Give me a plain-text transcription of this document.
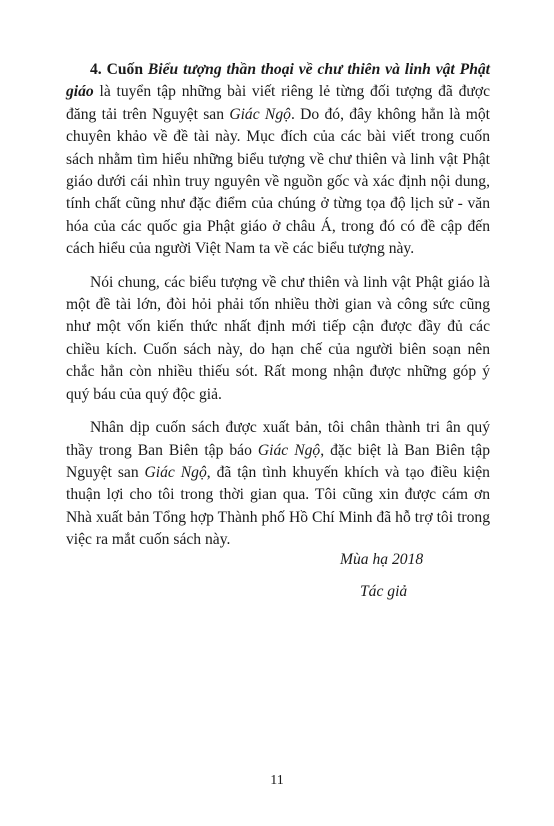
4. Cuốn Biểu tượng thần thoại về chư thiên và linh vật Phật giáo là tuyển tập những bài viết riêng lẻ từng đối tượng đã được đăng tải trên Nguyệt san Giác Ngộ. Do đó, đây không hẳn là một chuyên khảo về đề tài này. Mục đích của các bài viết trong cuốn sách nhằm tìm hiểu những biểu tượng về chư thiên và linh vật Phật giáo dưới cái nhìn truy nguyên về nguồn gốc và xác định nội dung, tính chất cũng như đặc điểm của chúng ở từng tọa độ lịch sử - văn hóa của các quốc gia Phật giáo ở châu Á, trong đó có đề cập đến cách hiểu của người Việt Nam ta về các biểu tượng này.

Nói chung, các biểu tượng về chư thiên và linh vật Phật giáo là một đề tài lớn, đòi hỏi phải tốn nhiều thời gian và công sức cũng như một vốn kiến thức nhất định mới tiếp cận được đầy đủ các chiều kích. Cuốn sách này, do hạn chế của người biên soạn nên chắc hẳn còn nhiều thiếu sót. Rất mong nhận được những góp ý quý báu của quý độc giả.

Nhân dịp cuốn sách được xuất bản, tôi chân thành tri ân quý thầy trong Ban Biên tập báo Giác Ngộ, đặc biệt là Ban Biên tập Nguyệt san Giác Ngộ, đã tận tình khuyến khích và tạo điều kiện thuận lợi cho tôi trong thời gian qua. Tôi cũng xin được cám ơn Nhà xuất bản Tổng hợp Thành phố Hồ Chí Minh đã hỗ trợ tôi trong việc ra mắt cuốn sách này.

Mùa hạ 2018
Tác giả
11
